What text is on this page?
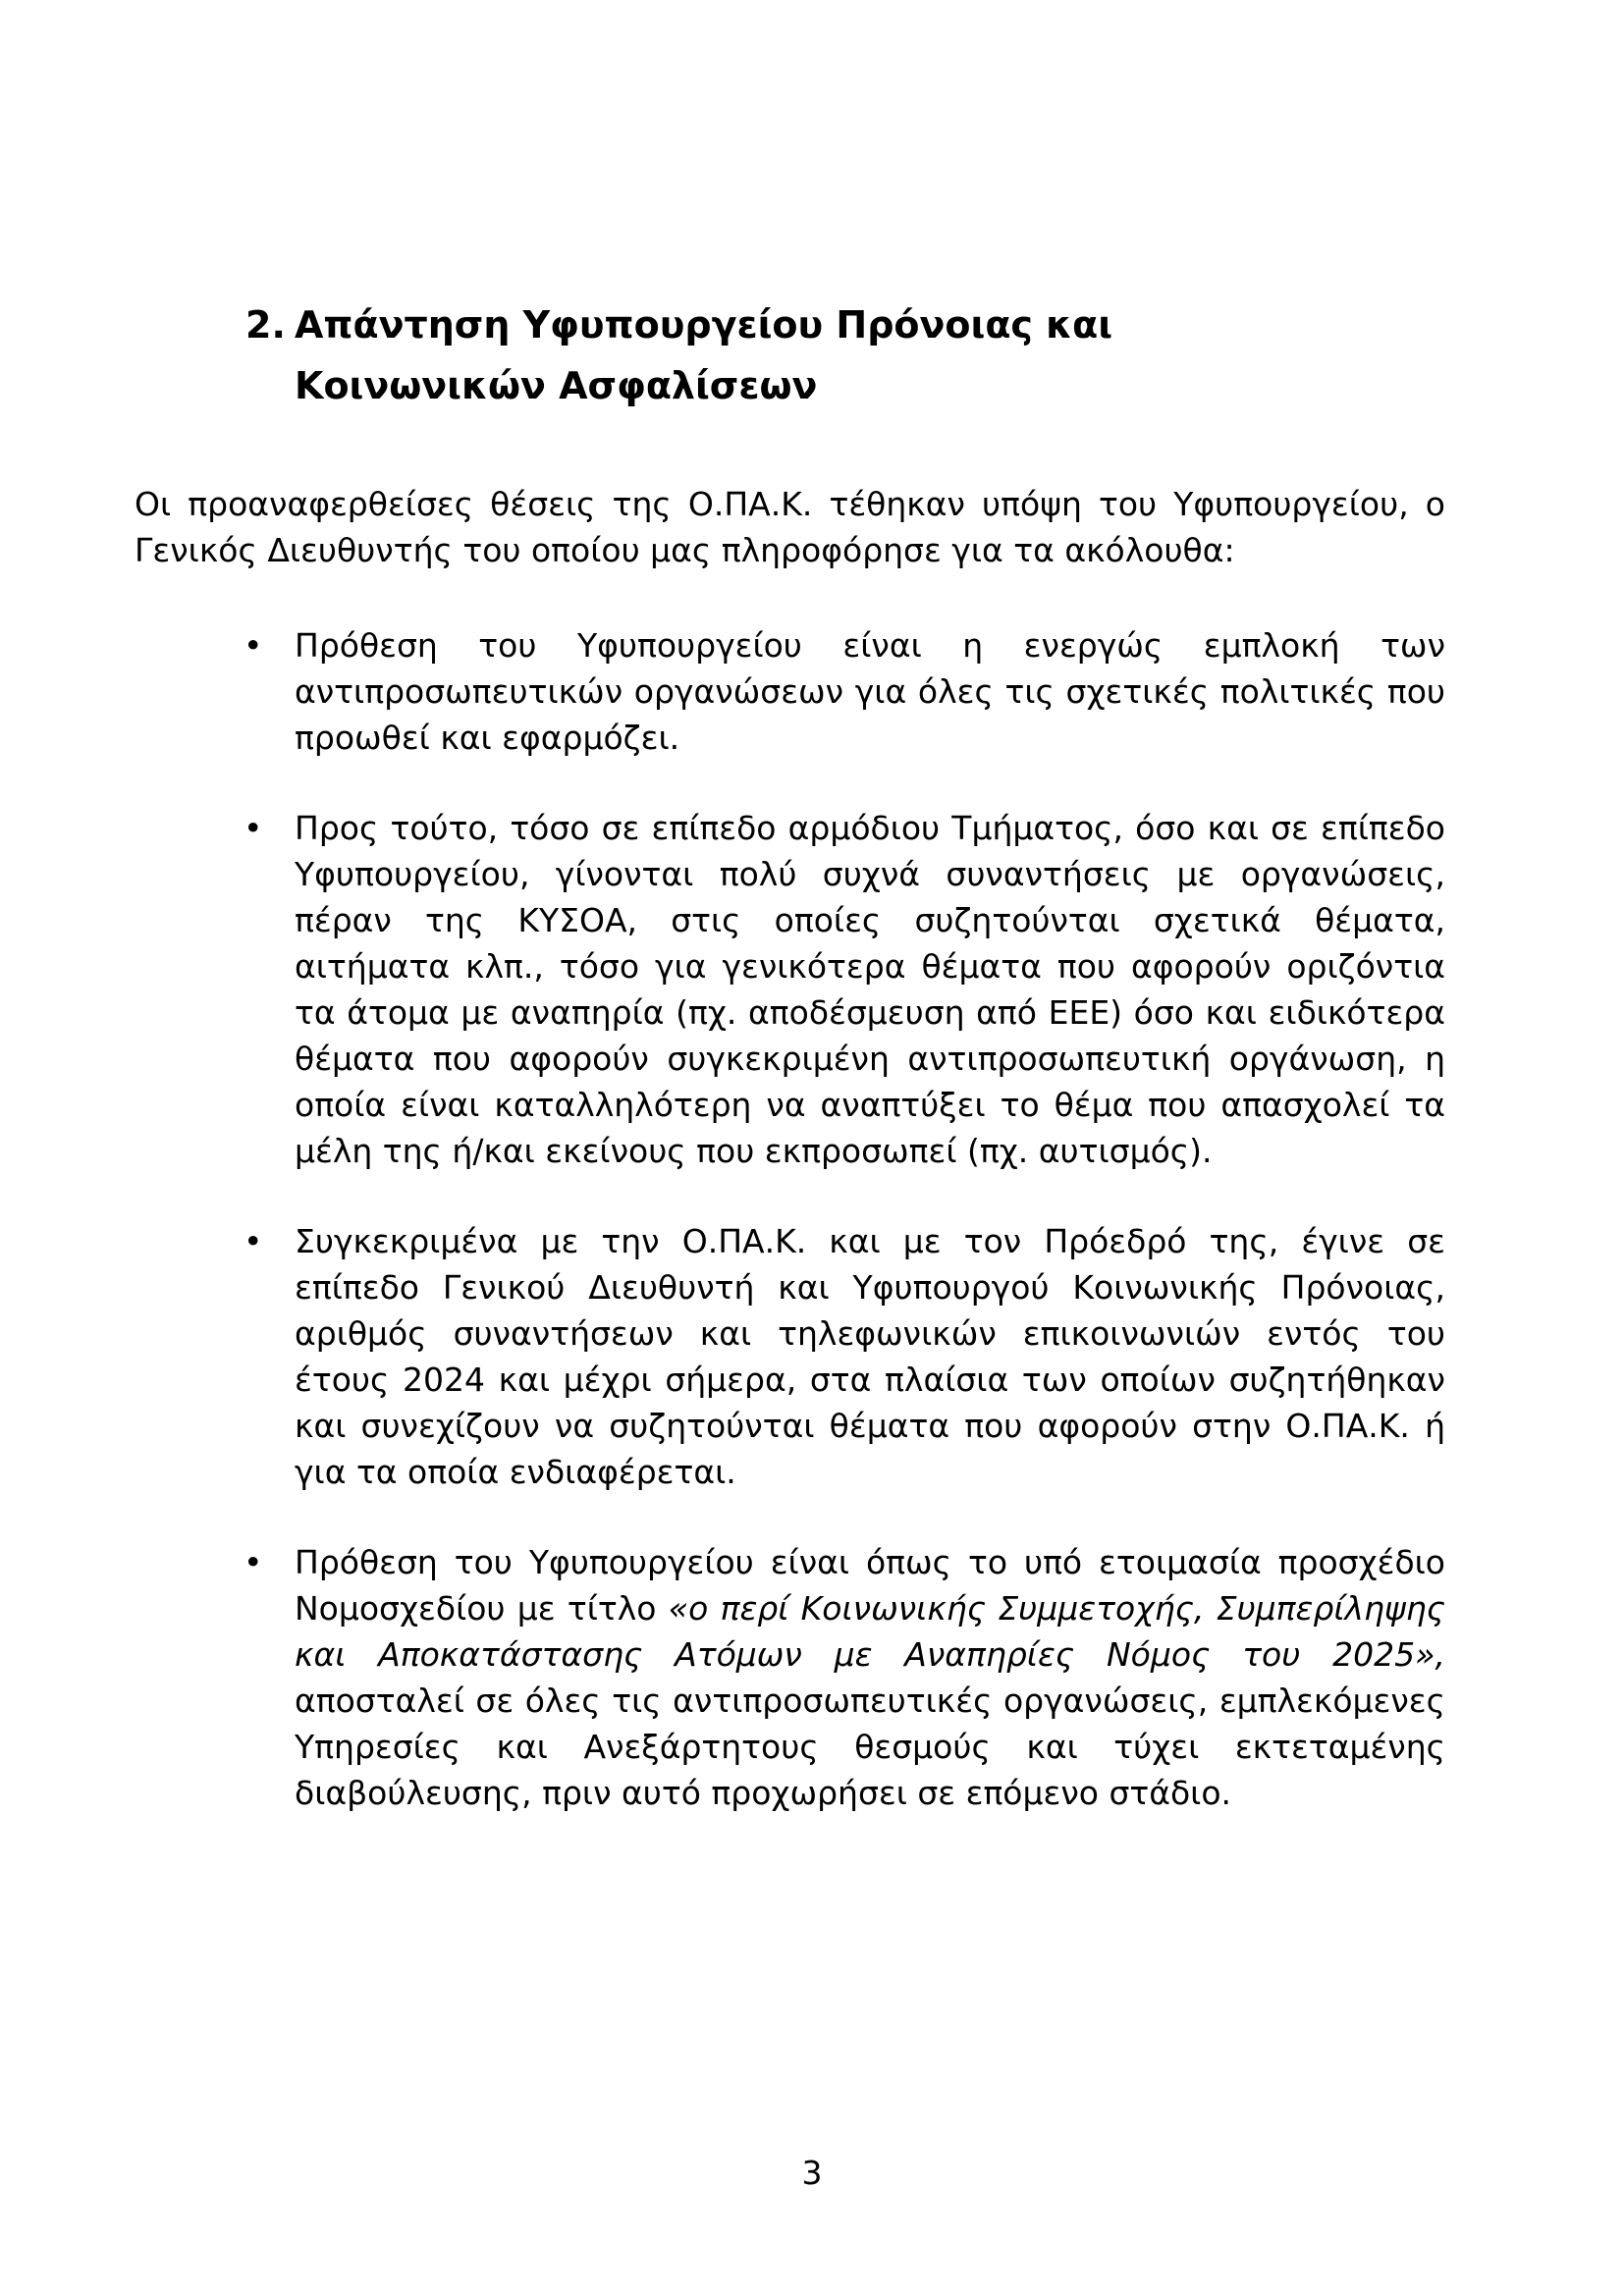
2. Απάντηση Υφυπουργείου Πρόνοιας και Κοινωνικών Ασφαλίσεων

Οι προαναφερθείσες θέσεις της Ο.ΠΑ.Κ. τέθηκαν υπόψη του Υφυπουργείου, ο Γενικός Διευθυντής του οποίου μας πληροφόρησε για τα ακόλουθα:

• Πρόθεση του Υφυπουργείου είναι η ενεργώς εμπλοκή των αντιπροσωπευτικών οργανώσεων για όλες τις σχετικές πολιτικές που προωθεί και εφαρμόζει.
• Προς τούτο, τόσο σε επίπεδο αρμόδιου Τμήματος, όσο και σε επίπεδο Υφυπουργείου, γίνονται πολύ συχνά συναντήσεις με οργανώσεις, πέραν της ΚΥΣΟΑ, στις οποίες συζητούνται σχετικά θέματα, αιτήματα κλπ., τόσο για γενικότερα θέματα που αφορούν οριζόντια τα άτομα με αναπηρία (πχ. αποδέσμευση από ΕΕΕ) όσο και ειδικότερα θέματα που αφορούν συγκεκριμένη αντιπροσωπευτική οργάνωση, η οποία είναι καταλληλότερη να αναπτύξει το θέμα που απασχολεί τα μέλη της ή/και εκείνους που εκπροσωπεί (πχ. αυτισμός).
• Συγκεκριμένα με την Ο.ΠΑ.Κ. και με τον Πρόεδρό της, έγινε σε επίπεδο Γενικού Διευθυντή και Υφυπουργού Κοινωνικής Πρόνοιας, αριθμός συναντήσεων και τηλεφωνικών επικοινωνιών εντός του έτους 2024 και μέχρι σήμερα, στα πλαίσια των οποίων συζητήθηκαν και συνεχίζουν να συζητούνται θέματα που αφορούν στην Ο.ΠΑ.Κ. ή για τα οποία ενδιαφέρεται.
• Πρόθεση του Υφυπουργείου είναι όπως το υπό ετοιμασία προσχέδιο Νομοσχεδίου με τίτλο «ο περί Κοινωνικής Συμμετοχής, Συμπερίληψης και Αποκατάστασης Ατόμων με Αναπηρίες Νόμος του 2025», αποσταλεί σε όλες τις αντιπροσωπευτικές οργανώσεις, εμπλεκόμενες Υπηρεσίες και Ανεξάρτητους θεσμούς και τύχει εκτεταμένης διαβούλευσης, πριν αυτό προχωρήσει σε επόμενο στάδιο.
3
